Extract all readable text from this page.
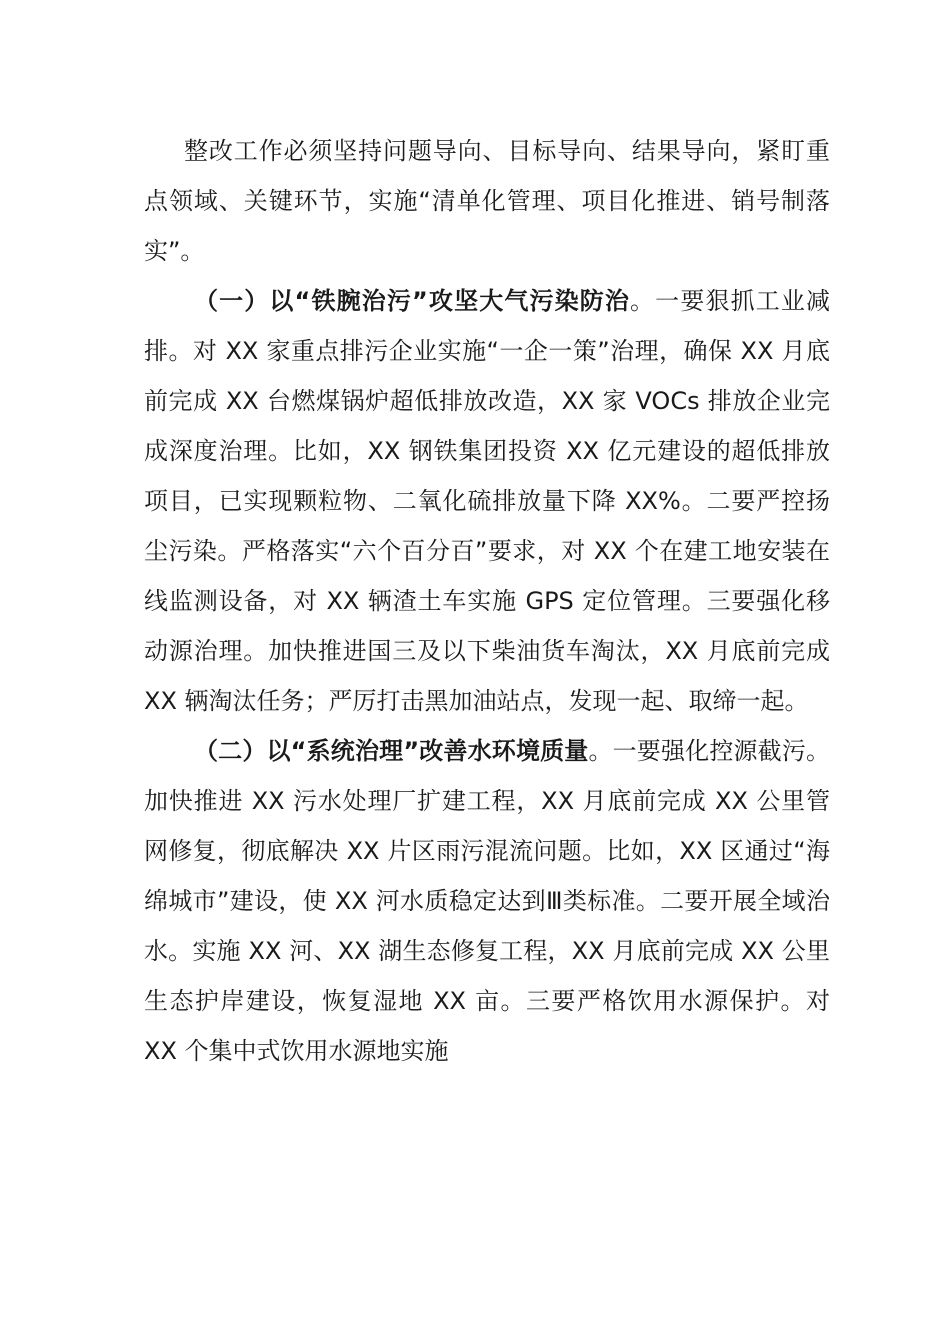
整改工作必须坚持问题导向、目标导向、结果导向，紧盯重点领域、关键环节，实施“清单化管理、项目化推进、销号制落实”。

（一）以“铁腕治污”攻坚大气污染防治。一要狠抓工业减排。对 XX 家重点排污企业实施“一企一策”治理，确保 XX 月底前完成 XX 台燃煤锅炉超低排放改造，XX 家 VOCs 排放企业完成深度治理。比如，XX 钢铁集团投资 XX 亿元建设的超低排放项目，已实现颗粒物、二氧化硫排放量下降 XX%。二要严控扬尘污染。严格落实“六个百分百”要求，对 XX 个在建工地安装在线监测设备，对 XX 辆渣土车实施 GPS 定位管理。三要强化移动源治理。加快推进国三及以下柴油货车淘汰，XX 月底前完成 XX 辆淘汰任务；严厉打击黑加油站点，发现一起、取缔一起。

（二）以“系统治理”改善水环境质量。一要强化控源截污。加快推进 XX 污水处理厂扩建工程，XX 月底前完成 XX 公里管网修复，彻底解决 XX 片区雨污混流问题。比如，XX 区通过“海绵城市”建设，使 XX 河水质稳定达到Ⅲ类标准。二要开展全域治水。实施 XX 河、XX 湖生态修复工程，XX 月底前完成 XX 公里生态护岸建设，恢复湿地 XX 亩。三要严格饮用水源保护。对 XX 个集中式饮用水源地实施
